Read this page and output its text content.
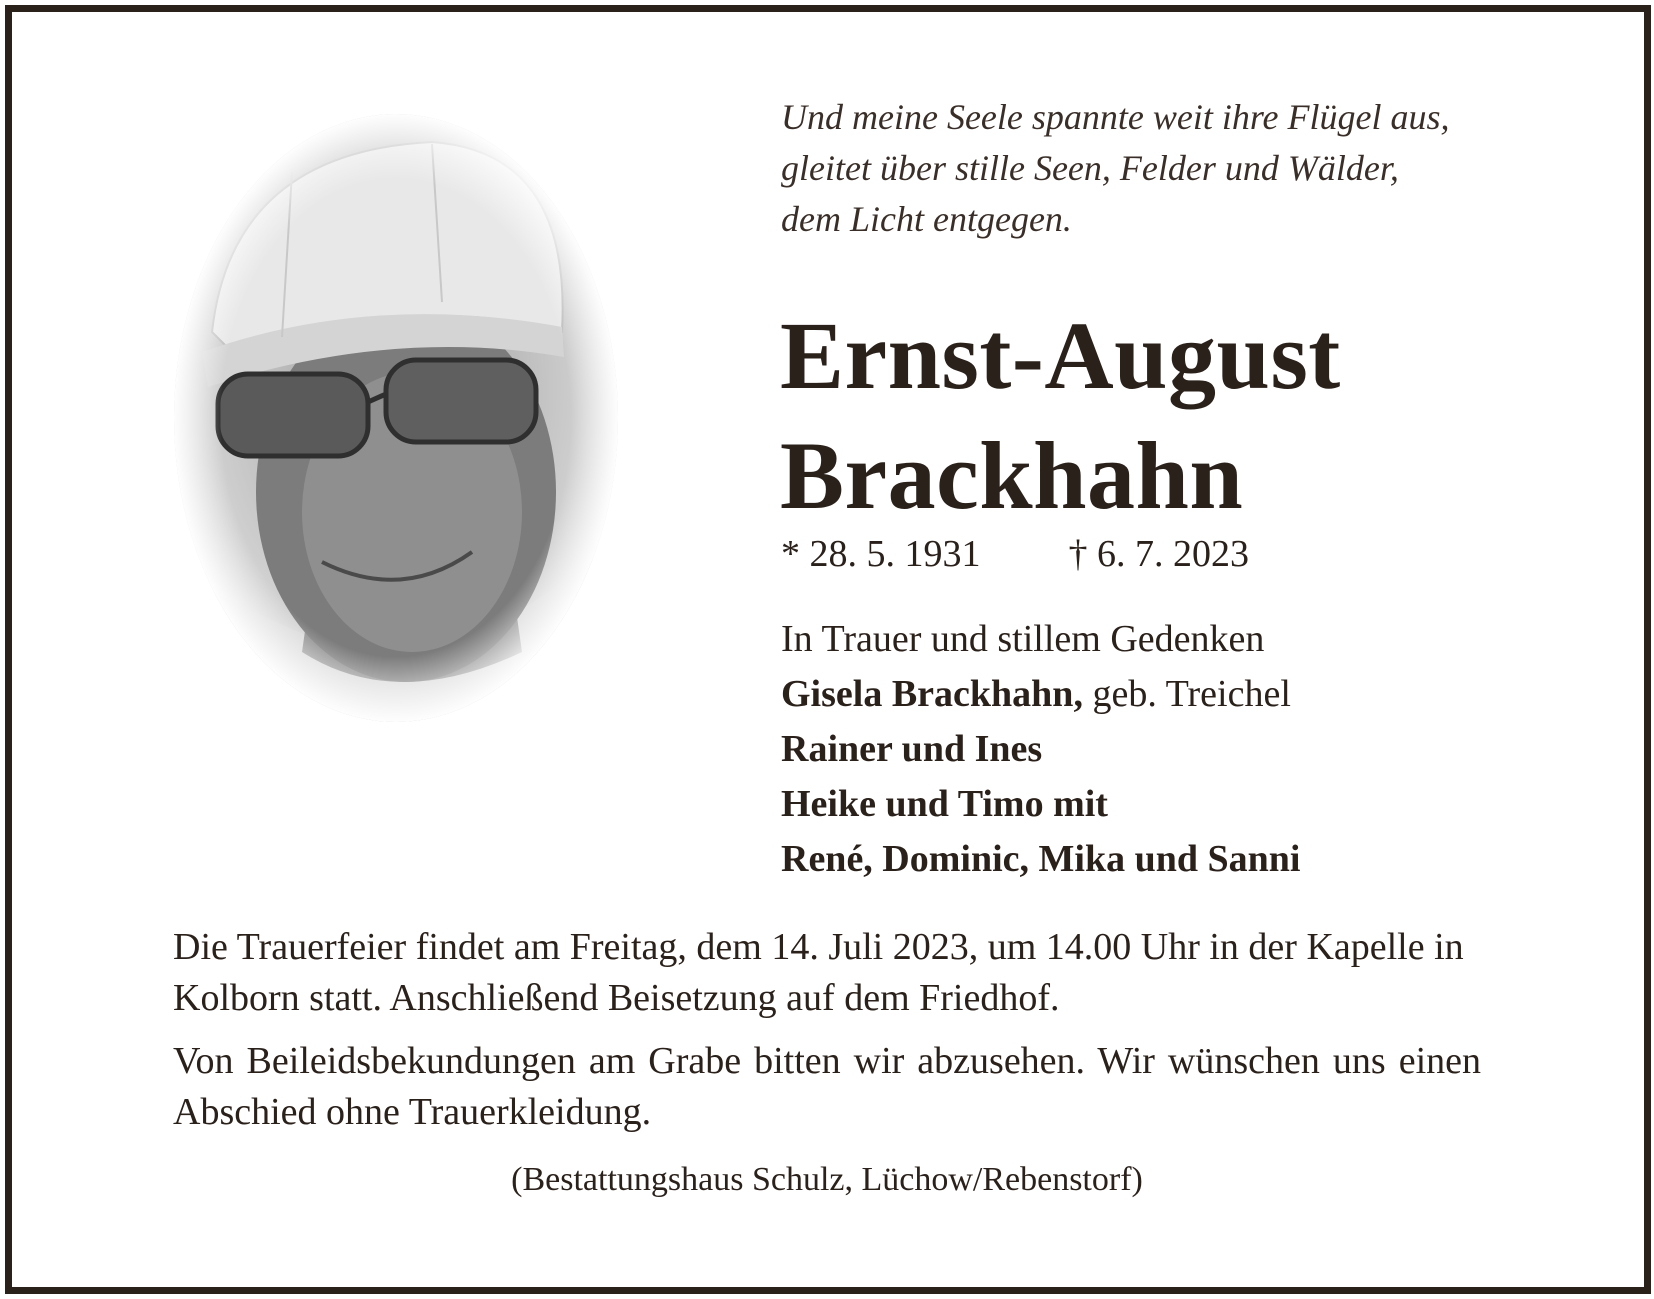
Und meine Seele spannte weit ihre Flügel aus,
gleitet über stille Seen, Felder und Wälder,
dem Licht entgegen.
Ernst-August
Brackhahn
* 28. 5. 1931 † 6. 7. 2023
In Trauer und stillem Gedenken
Gisela Brackhahn, geb. Treichel
Rainer und Ines
Heike und Timo mit
René, Dominic, Mika und Sanni

Die Trauerfeier findet am Freitag, dem 14. Juli 2023, um 14.00 Uhr in der Kapelle in Kolborn statt. Anschließend Beisetzung auf dem Friedhof.

Von Beileidsbekundungen am Grabe bitten wir abzusehen. Wir wünschen uns einen Abschied ohne Trauerkleidung.

(Bestattungshaus Schulz, Lüchow/Rebenstorf)
